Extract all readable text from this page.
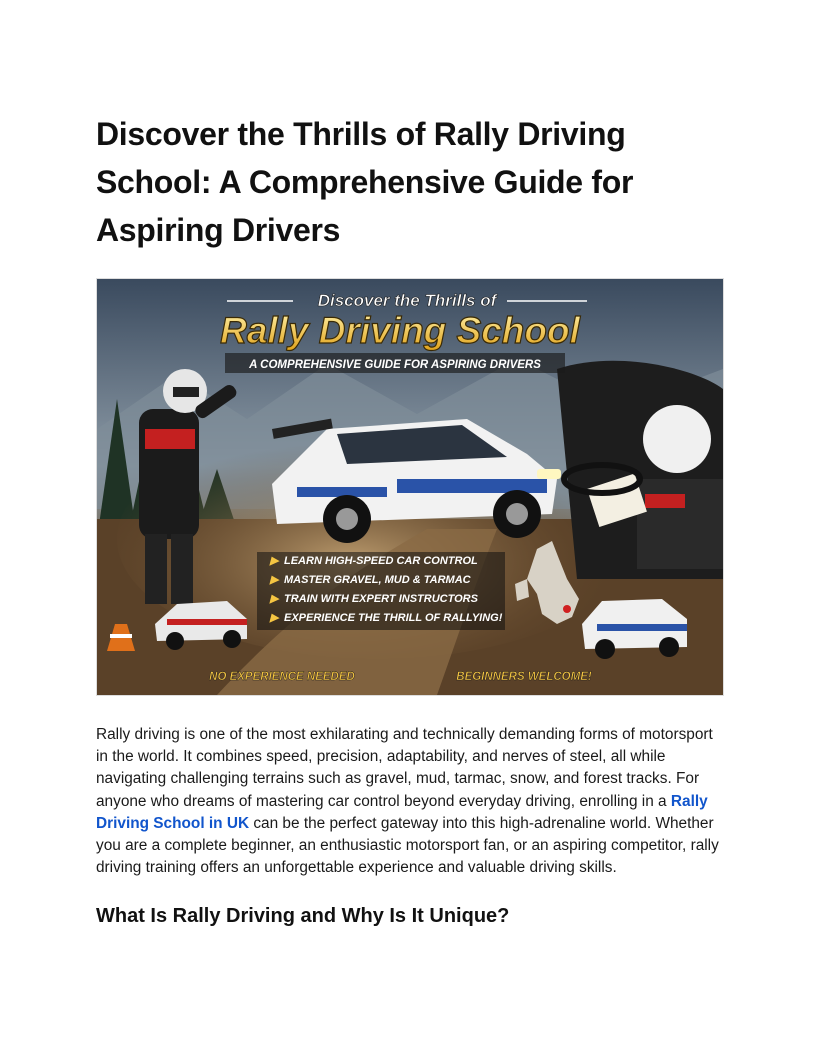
Discover the Thrills of Rally Driving School: A Comprehensive Guide for Aspiring Drivers
Discover the Thrills of
Rally Driving School
A COMPREHENSIVE GUIDE FOR ASPIRING DRIVERS
▶ LEARN HIGH-SPEED CAR CONTROL
▶ MASTER GRAVEL, MUD & TARMAC
▶ TRAIN WITH EXPERT INSTRUCTORS
▶ EXPERIENCE THE THRILL OF RALLYING!
NO EXPERIENCE NEEDED	BEGINNERS WELCOME!

Rally driving is one of the most exhilarating and technically demanding forms of motorsport in the world. It combines speed, precision, adaptability, and nerves of steel, all while navigating challenging terrains such as gravel, mud, tarmac, snow, and forest tracks. For anyone who dreams of mastering car control beyond everyday driving, enrolling in a Rally Driving School in UK can be the perfect gateway into this high-adrenaline world. Whether you are a complete beginner, an enthusiastic motorsport fan, or an aspiring competitor, rally driving training offers an unforgettable experience and valuable driving skills.

What Is Rally Driving and Why Is It Unique?
